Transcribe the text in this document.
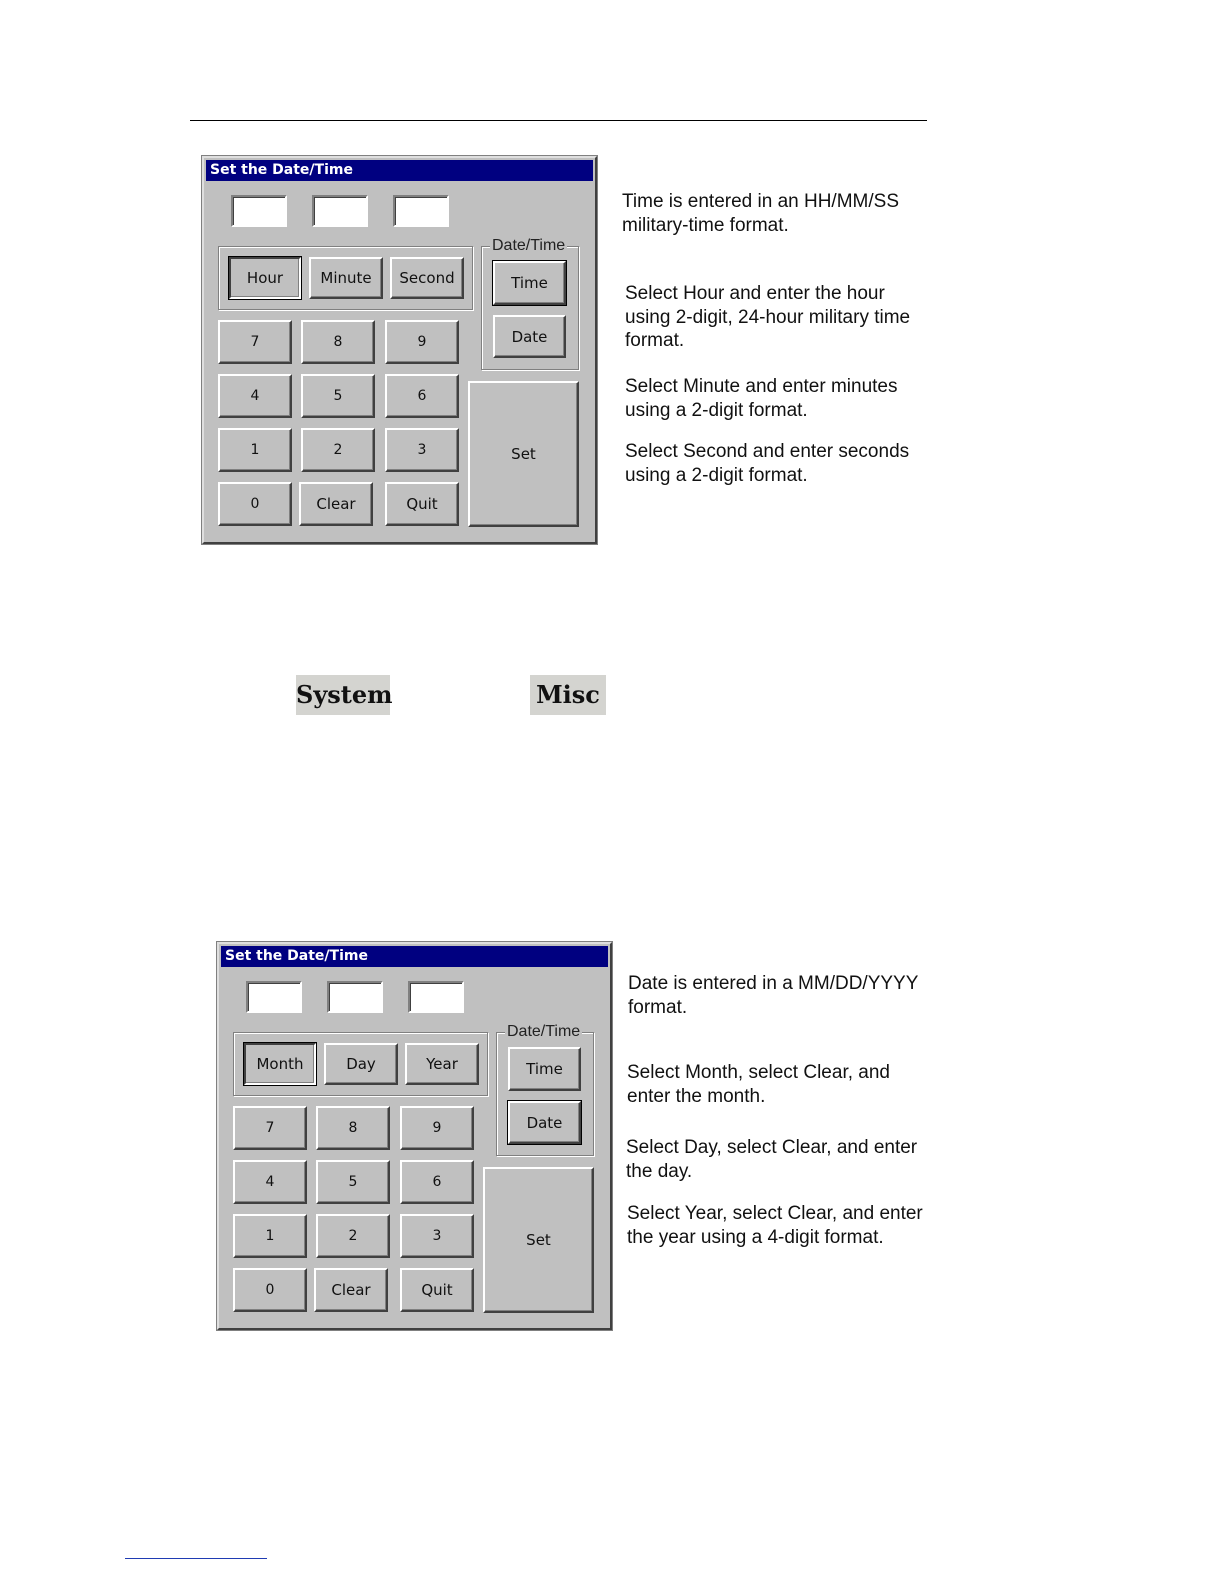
Set the Date/Time
Hour	Minute	Second
Date/Time
Time
Date
7	8	9
4	5	6
1	2	3
0	Clear	Quit
Set
Time is entered in an HH/MM/SS military-time format.
Select Hour and enter the hour using 2-digit, 24-hour military time format.
Select Minute and enter minutes using a 2-digit format.
Select Second and enter seconds using a 2-digit format.
System	Misc
Set the Date/Time
Month	Day	Year
Date/Time
Time
Date
7	8	9
4	5	6
1	2	3
0	Clear	Quit
Set
Date is entered in a MM/DD/YYYY format.
Select Month, select Clear, and enter the month.
Select Day, select Clear, and enter the day.
Select Year, select Clear, and enter the year using a 4-digit format.
